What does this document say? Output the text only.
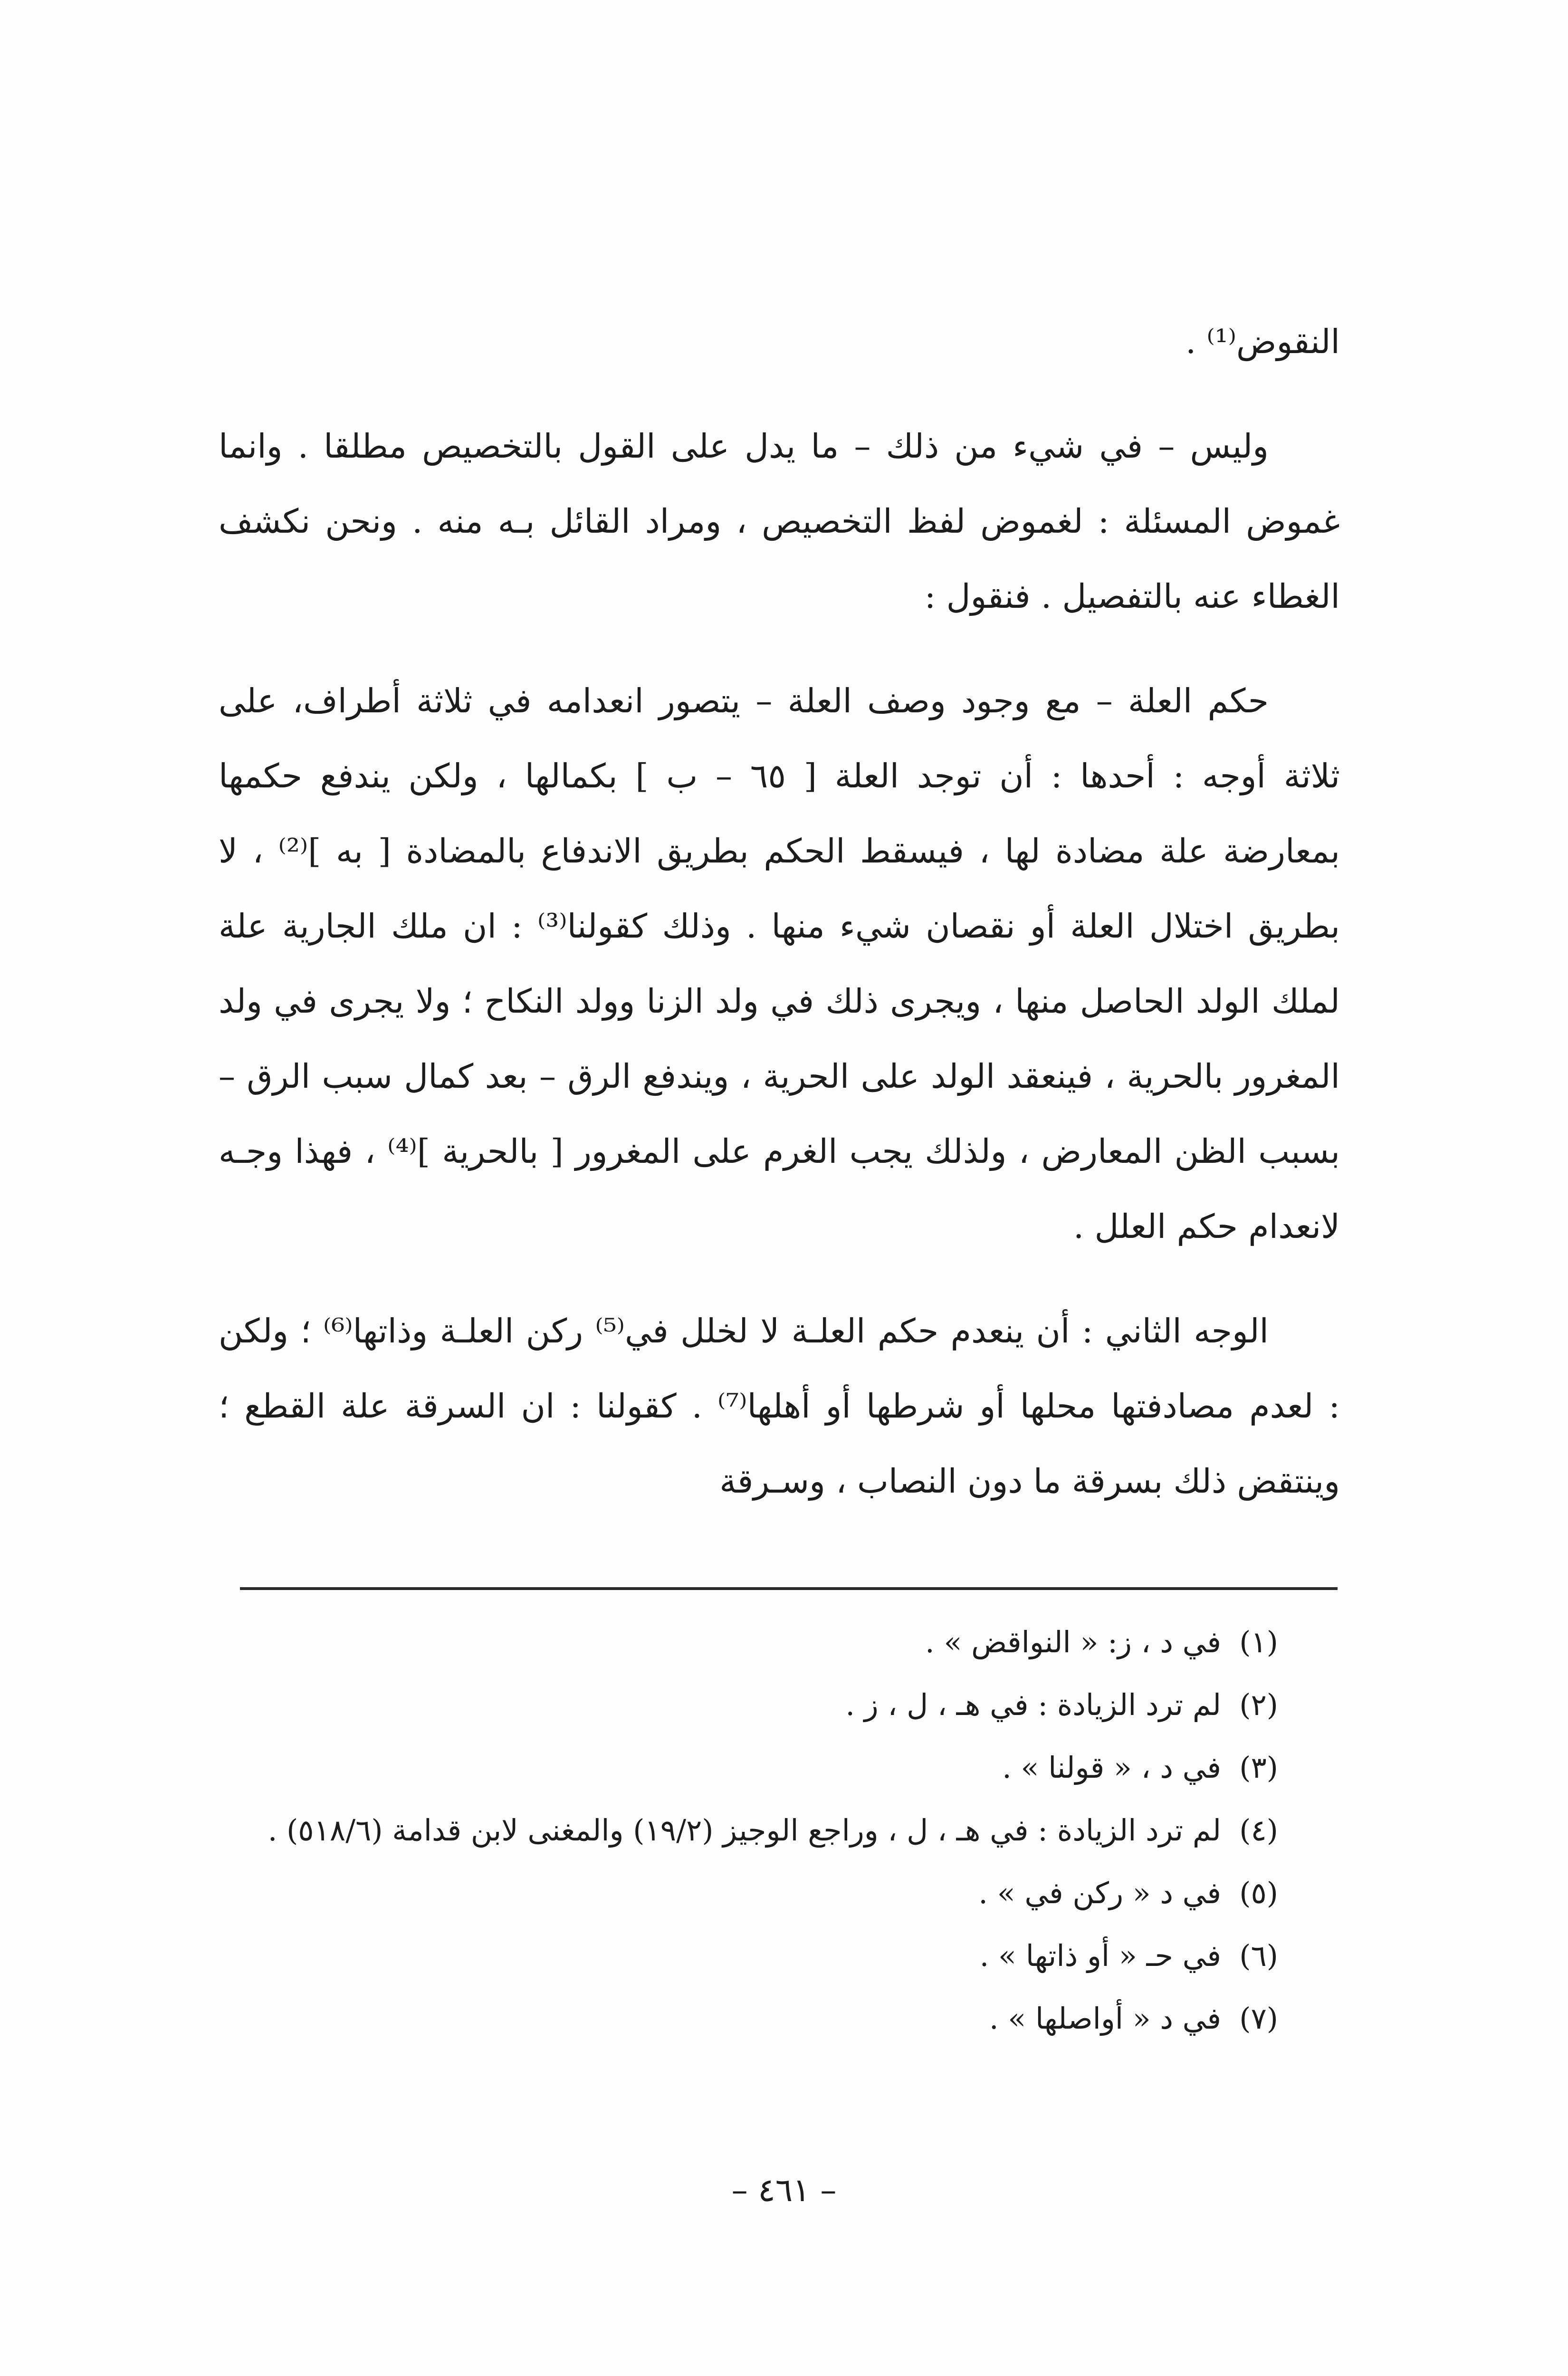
النقوض⁽¹⁾ .

وليس – في شيء من ذلك – ما يدل على القول بالتخصيص مطلقا . وانما غموض المسئلة : لغموض لفظ التخصيص ، ومراد القائل بـه منه . ونحن نكشف الغطاء عنه بالتفصيل . فنقول :

حكم العلة – مع وجود وصف العلة – يتصور انعدامه في ثلاثة أطراف، على ثلاثة أوجه : أحدها : أن توجد العلة [ ٦٥ – ب ] بكمالها ، ولكن يندفع حكمها بمعارضة علة مضادة لها ، فيسقط الحكم بطريق الاندفاع بالمضادة [ به ]⁽²⁾ ، لا بطريق اختلال العلة أو نقصان شيء منها . وذلك كقولنا⁽³⁾ : ان ملك الجارية علة لملك الولد الحاصل منها ، ويجرى ذلك في ولد الزنا وولد النكاح ؛ ولا يجرى في ولد المغرور بالحرية ، فينعقد الولد على الحرية ، ويندفع الرق – بعد كمال سبب الرق – بسبب الظن المعارض ، ولذلك يجب الغرم على المغرور [ بالحرية ]⁽⁴⁾ ، فهذا وجـه لانعدام حكم العلل .

الوجه الثاني : أن ينعدم حكم العلـة لا لخلل في⁽⁵⁾ ركن العلـة وذاتها⁽⁶⁾ ؛ ولكن : لعدم مصادفتها محلها أو شرطها أو أهلها⁽⁷⁾ . كقولنا : ان السرقة علة القطع ؛ وينتقض ذلك بسرقة ما دون النصاب ، وسـرقة

(١)في د ، ز: « النواقض » .

(٢)لم ترد الزيادة : في هـ ، ل ، ز .

(٣)في د ، « قولنا » .

(٤)لم ترد الزيادة : في هـ ، ل ، وراجع الوجيز (١٩/٢) والمغنى لابن قدامة (٥١٨/٦) .

(٥)في د « ركن في » .

(٦)في حـ « أو ذاتها » .

(٧)في د « أواصلها » .

– ٤٦١ –
